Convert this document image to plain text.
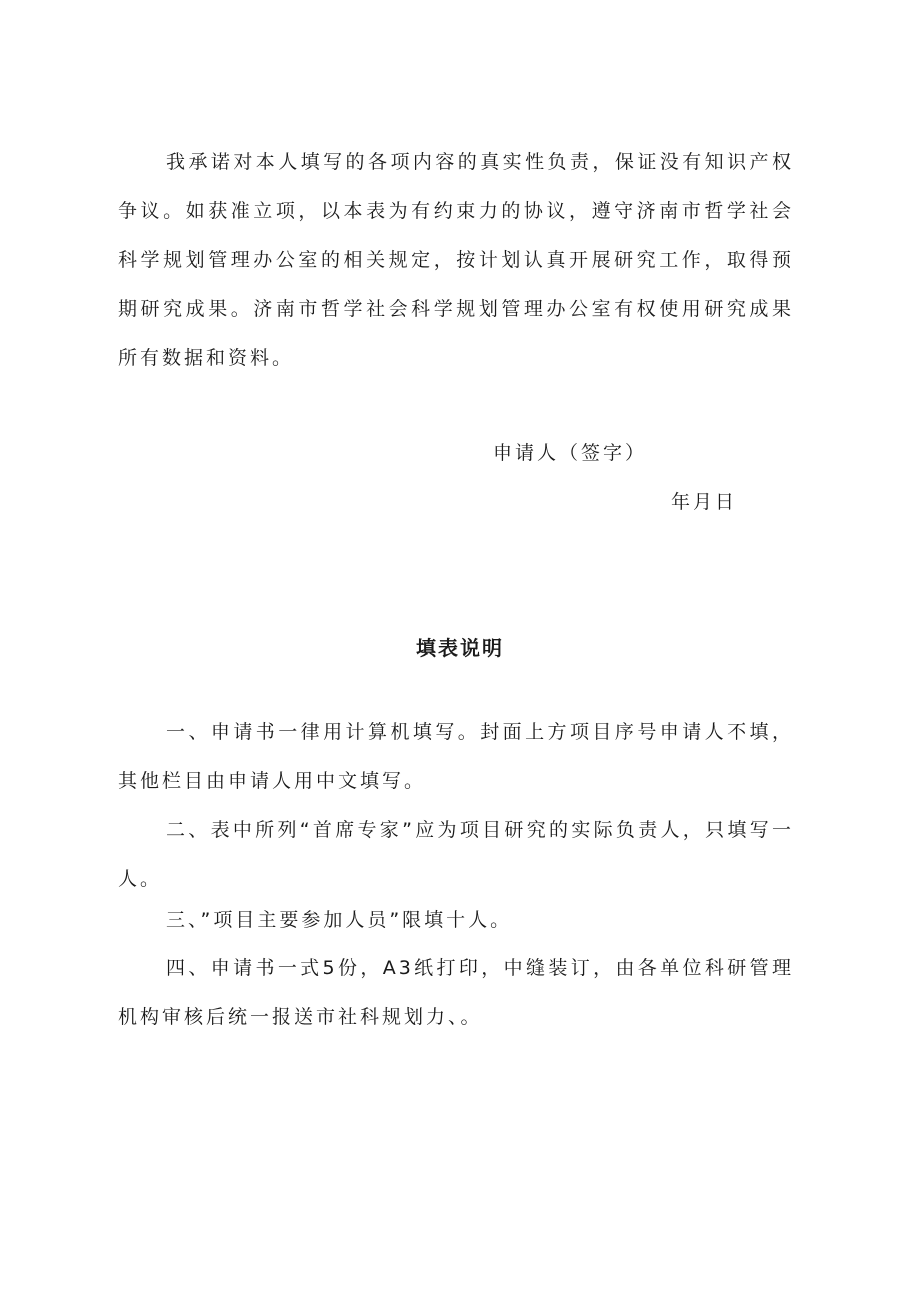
我承诺对本人填写的各项内容的真实性负责，保证没有知识产权争议。如获准立项，以本表为有约束力的协议，遵守济南市哲学社会科学规划管理办公室的相关规定，按计划认真开展研究工作，取得预期研究成果。济南市哲学社会科学规划管理办公室有权使用研究成果所有数据和资料。

申请人（签字）
年月日
填表说明

一、申请书一律用计算机填写。封面上方项目序号申请人不填，其他栏目由申请人用中文填写。

二、表中所列“首席专家”应为项目研究的实际负责人，只填写一人。

三、”项目主要参加人员”限填十人。

四、申请书一式5份，A3纸打印，中缝装订，由各单位科研管理机构审核后统一报送市社科规划力、。
